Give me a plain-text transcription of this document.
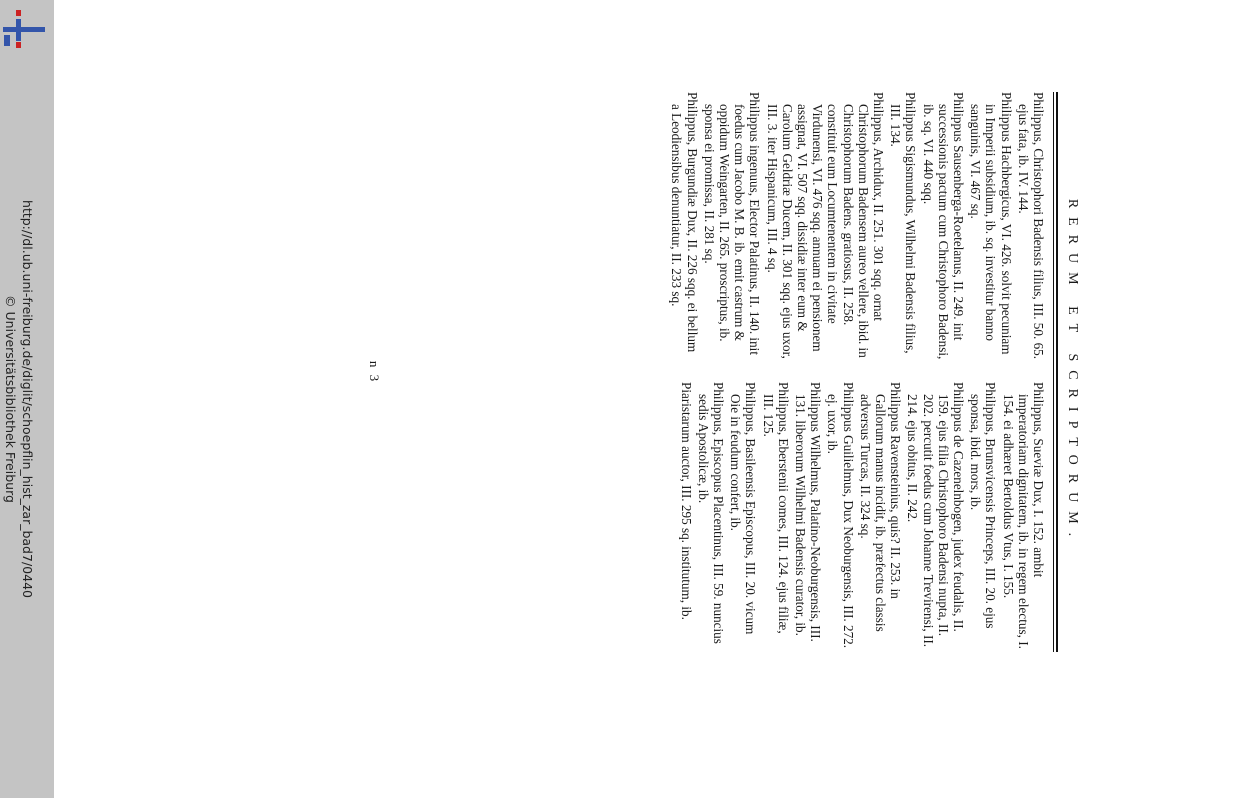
http://dl.ub.uni-freiburg.de/diglit/schoepflin_hist_zar_bad7/0440
© Universitätsbibliothek Freiburg	RERUM ET SCRIPTORUM.

Philippus, Christophori Badensis filius, III. 50. 65. ejus fata, ib. IV. 144.

Philippus Hachbergicus, VI. 426. solvit pecuniam in Imperii subsidium, ib. sq. investitur banno sanguinis, VI. 467 sq.

Philippus Sausenberga-Roetelanus, II. 249. init successionis pactum cum Christophoro Badensi, ib. sq. VI. 440 sqq.

Philippus Sigismundus, Wilhelmi Badensis filius, III. 134.

Philippus, Archidux, II. 251. 301 sqq. ornat Christophorum Badensem aureo vellere, ibid. in Christophorum Badens. gratiosus, II. 258. constituit eum Locumtenentem in civitate Virdunensi, VI. 476 sqq. annuam ei pensionem assignat, VI. 507 sqq. dissidiæ inter eum & Carolum Geldriæ Ducem, II. 301 sqq. ejus uxor, III. 3. iter Hispanicum, III. 4 sq.

Philippus ingenuus, Elector Palatinus, II. 140. init foedus cum Jacobo M. B. ib. emit castrum & oppidum Weingarten, II. 265. proscriptus, ib. sponsa ei promissa, II. 281 sq.

Philippus, Burgundiæ Dux, II. 226 sqq. ei bellum a Leodiensibus denuntiatur, II. 233 sq.

Philippus, Sueviæ Dux, I. 152. ambit imperatoriam dignitatem, ib. in regem electus, I. 154. ei adhæret Bertoldus Vtus, I. 155.

Philippus, Brunsvicensis Princeps, III. 20. ejus sponsa, ibid. mors, ib.

Philippus de Cazenelnbogen, judex feudalis, II. 159. ejus filia Christophoro Badensi nupta, II. 202. percutit foedus cum Johanne Trevirensi, II. 214. ejus obitus, II. 242.

Philippus Ravensteinius, quis? II. 253. in Gallorum manus incidit, ib. præfectus classis adversus Turcas, II. 324 sq.

Philippus Guilielmus, Dux Neoburgensis, III. 272. ej. uxor, ib.

Philippus Wilhelmus, Palatino-Neoburgensis, III. 131. liberorum Wilhelmi Badensis curator, ib.

Philippus, Eberstenii comes, III. 124. ejus filiæ, III. 125.

Philippus, Basileensis Episcopus, III. 20. vicum Oie in feudum confert, ib.

Philippus, Episcopus Placentinus, III. 59. nuncius sedis Apostolicæ, ib.

Piaristarum auctor, III. 295 sq. institutum, ib.

n 3
